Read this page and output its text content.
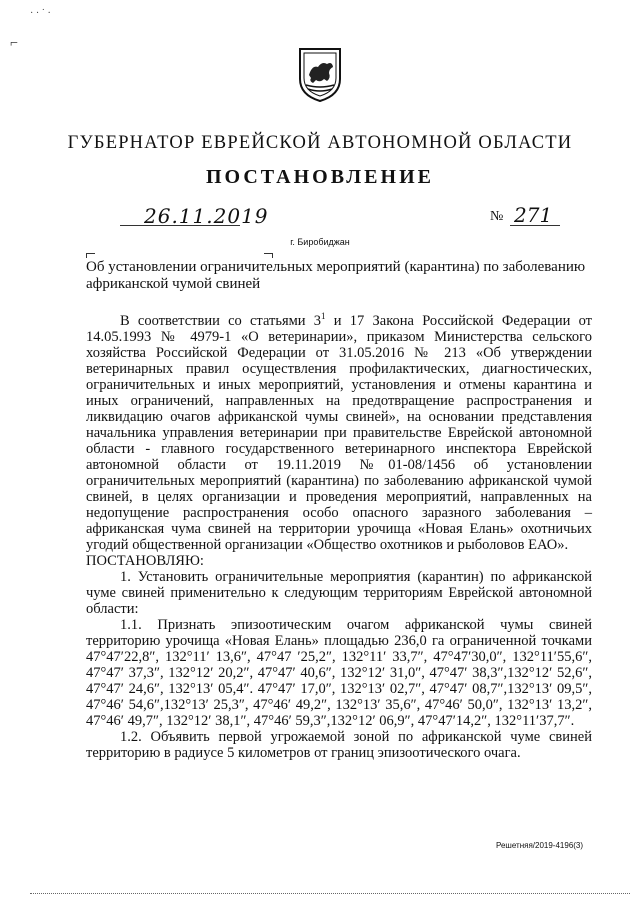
· · ˙ ·
⌐
ГУБЕРНАТОР ЕВРЕЙСКОЙ АВТОНОМНОЙ ОБЛАСТИ
ПОСТАНОВЛЕНИЕ
26.11.2019	№ 271
г. Биробиджан
Об установлении ограничительных мероприятий (карантина) по заболеванию африканской чумой свиней

В соответствии со статьями $3^1$ и 17 Закона Российской Федерации от 14.05.1993 № 4979-1 «О ветеринарии», приказом Министерства сельского хозяйства Российской Федерации от 31.05.2016 № 213 «Об утверждении ветеринарных правил осуществления профилактических, диагностических, ограничительных и иных мероприятий, установления и отмены карантина и иных ограничений, направленных на предотвращение распространения и ликвидацию очагов африканской чумы свиней», на основании представления начальника управления ветеринарии при правительстве Еврейской автономной области - главного государственного ветеринарного инспектора Еврейской автономной области от 19.11.2019 №01-08/1456 об установлении ограничительных мероприятий (карантина) по заболеванию африканской чумой свиней, в целях организации и проведения мероприятий, направленных на недопущение распространения особо опасного заразного заболевания – африканская чума свиней на территории урочища «Новая Елань» охотничьих угодий общественной организации «Общество охотников и рыболовов ЕАО».

ПОСТАНОВЛЯЮ:

1. Установить ограничительные мероприятия (карантин) по африканской чуме свиней применительно к следующим территориям Еврейской автономной области:

1.1. Признать эпизоотическим очагом африканской чумы свиней территорию урочища «Новая Елань» площадью 236,0 га ограниченной точками 47°47′22,8″, 132°11′ 13,6″, 47°47 ′25,2″, 132°11′ 33,7″, 47°47′30,0″, 132°11′55,6″, 47°47′ 37,3″, 132°12′ 20,2″, 47°47′ 40,6″, 132°12′ 31,0″, 47°47′ 38,3″,132°12′ 52,6″, 47°47′ 24,6″, 132°13′ 05,4″. 47°47′ 17,0″, 132°13′ 02,7″, 47°47′ 08,7″,132°13′ 09,5″, 47°46′ 54,6″,132°13′ 25,3″, 47°46′ 49,2″, 132°13′ 35,6″, 47°46′ 50,0″, 132°13′ 13,2″, 47°46′ 49,7″, 132°12′ 38,1″, 47°46′ 59,3″,132°12′ 06,9″, 47°47′14,2″, 132°11′37,7″.

1.2. Объявить первой угрожаемой зоной по африканской чуме свиней территорию в радиусе 5 километров от границ эпизоотического очага.

Решетняя/2019-4196(3)
